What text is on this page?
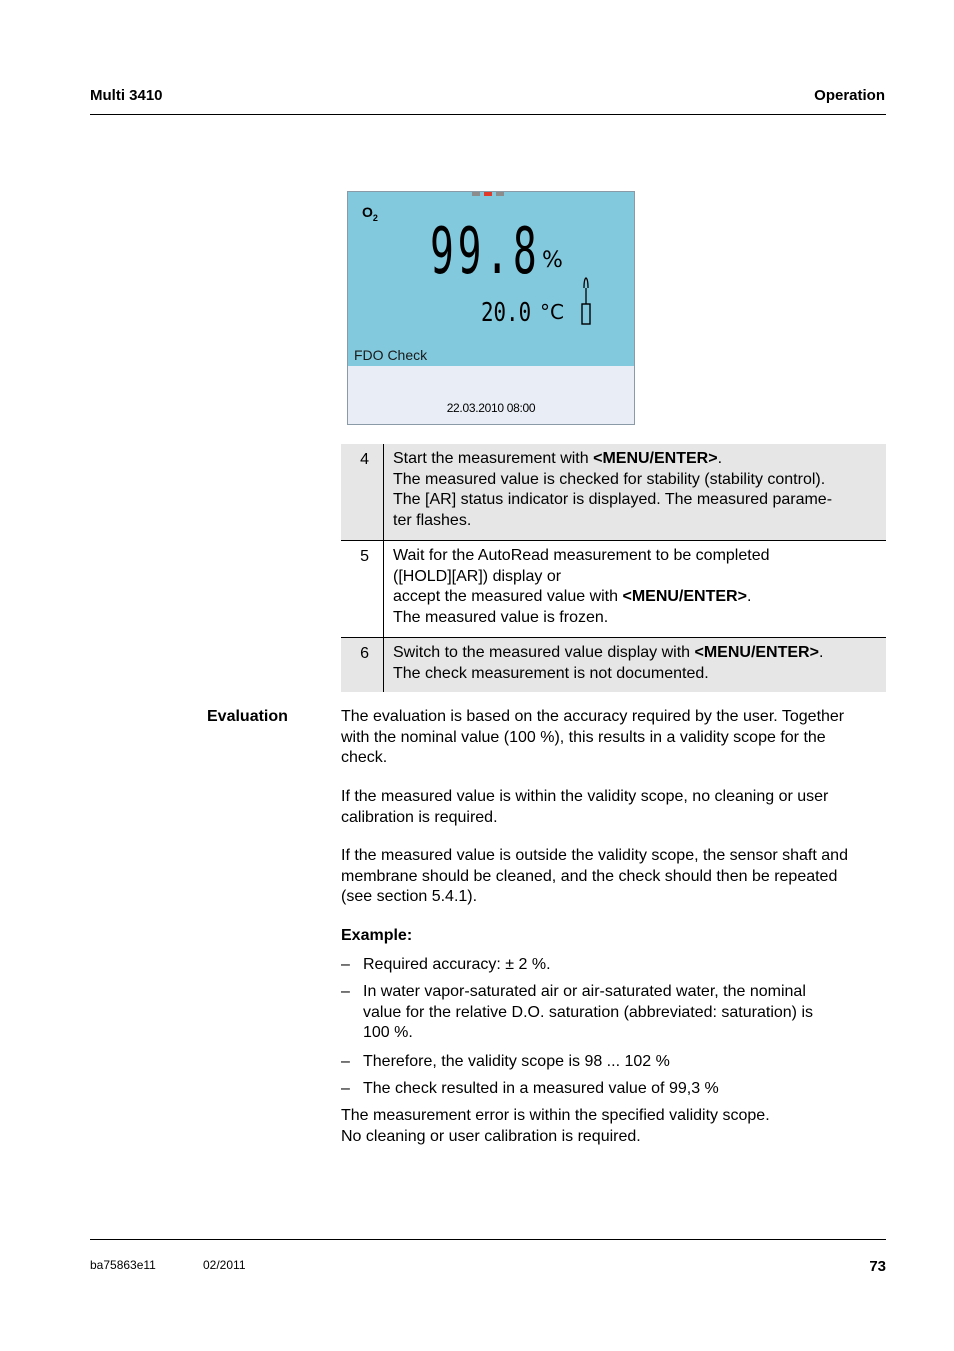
Multi 3410	Operation
$O_2$ 99.8 %
20.0 °C
FDO Check
22.03.2010 08:00
4	Start the measurement with <MENU/ENTER>.
The measured value is checked for stability (stability control).
The [AR] status indicator is displayed. The measured parame-
ter flashes.
5	Wait for the AutoRead measurement to be completed
([HOLD][AR]) display or
accept the measured value with <MENU/ENTER>.
The measured value is frozen.
6	Switch to the measured value display with <MENU/ENTER>.
The check measurement is not documented.
Evaluation	The evaluation is based on the accuracy required by the user. Together
with the nominal value (100 %), this results in a validity scope for the
check.
If the measured value is within the validity scope, no cleaning or user
calibration is required.
If the measured value is outside the validity scope, the sensor shaft and
membrane should be cleaned, and the check should then be repeated
(see section 5.4.1).
Example:
– Required accuracy: ± 2 %.
– In water vapor-saturated air or air-saturated water, the nominal
value for the relative D.O. saturation (abbreviated: saturation) is
100 %.
– Therefore, the validity scope is 98 ... 102 %
– The check resulted in a measured value of 99,3 %
The measurement error is within the specified validity scope.
No cleaning or user calibration is required.
ba75863e11	02/2011	73
